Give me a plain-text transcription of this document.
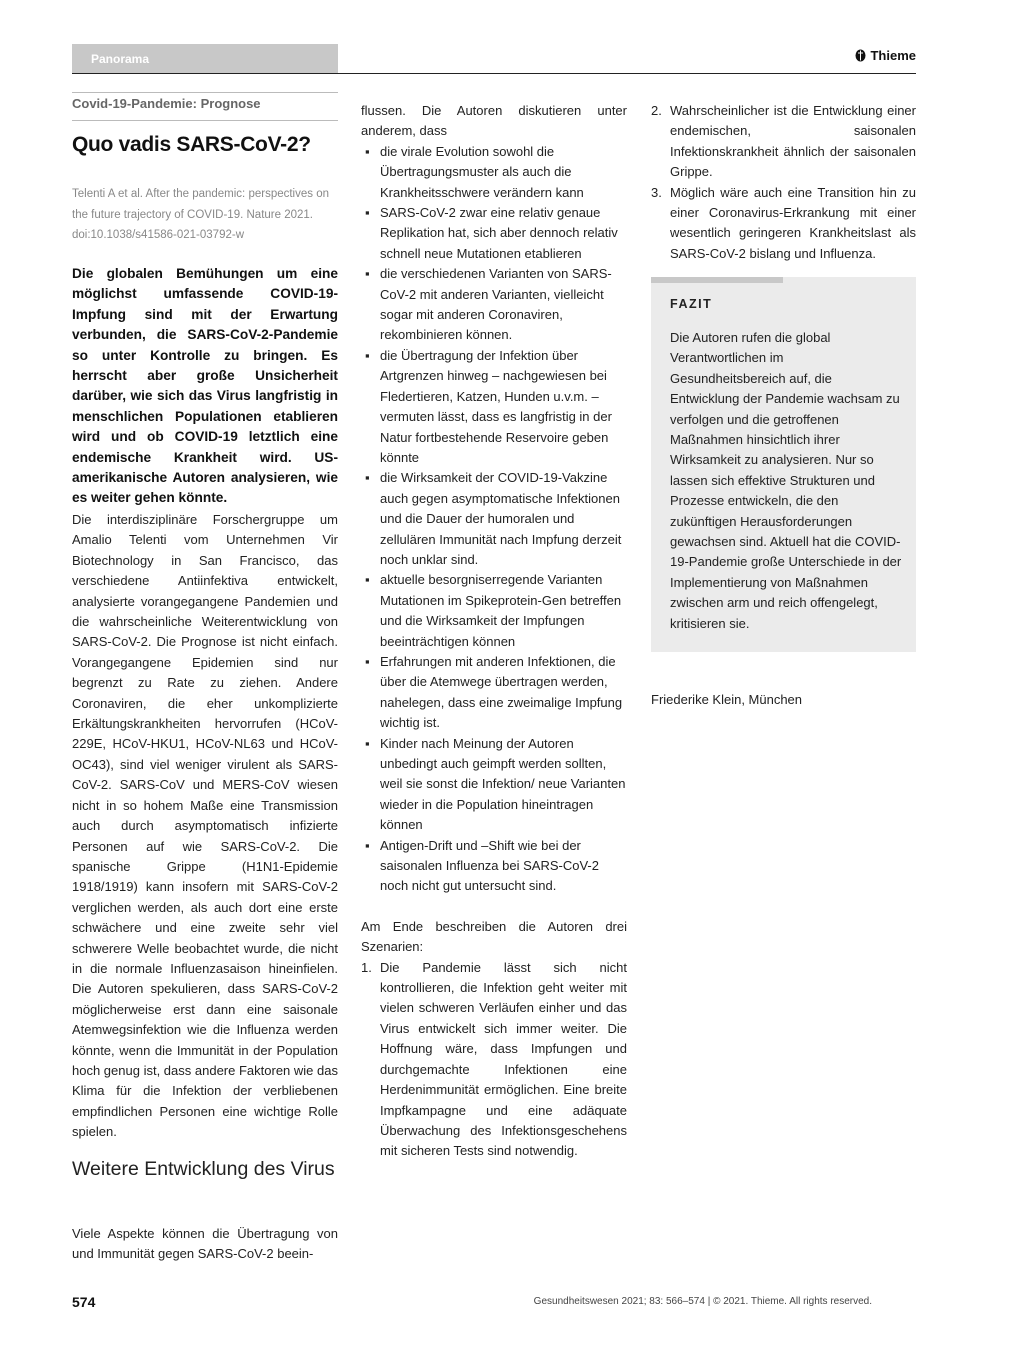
Panorama	Thieme
Covid-19-Pandemie: Prognose
Quo vadis SARS-CoV-2?
Telenti A et al. After the pandemic: perspectives on the future trajectory of COVID-19. Nature 2021. doi:10.1038/s41586-021-03792-w
Die globalen Bemühungen um eine möglichst umfassende COVID-19-Impfung sind mit der Erwartung verbunden, die SARS-CoV-2-Pandemie so unter Kontrolle zu bringen. Es herrscht aber große Unsicherheit darüber, wie sich das Virus langfristig in menschlichen Populationen etablieren wird und ob COVID-19 letztlich eine endemische Krankheit wird. US-amerikanische Autoren analysieren, wie es weiter gehen könnte.
Die interdisziplinäre Forschergruppe um Amalio Telenti vom Unternehmen Vir Biotechnology in San Francisco, das verschiedene Antiinfektiva entwickelt, analysierte vorangegangene Pandemien und die wahrscheinliche Weiterentwicklung von SARS-CoV-2. Die Prognose ist nicht einfach. Vorangegangene Epidemien sind nur begrenzt zu Rate zu ziehen. Andere Coronaviren, die eher unkomplizierte Erkältungskrankheiten hervorrufen (HCoV-229E, HCoV-HKU1, HCoV-NL63 und HCoV-OC43), sind viel weniger virulent als SARS-CoV-2. SARS-CoV und MERS-CoV wiesen nicht in so hohem Maße eine Transmission auch durch asymptomatisch infizierte Personen auf wie SARS-CoV-2. Die spanische Grippe (H1N1-Epidemie 1918/1919) kann insofern mit SARS-CoV-2 verglichen werden, als auch dort eine erste schwächere und eine zweite sehr viel schwerere Welle beobachtet wurde, die nicht in die normale Influenzasaison hineinfielen. Die Autoren spekulieren, dass SARS-CoV-2 möglicherweise erst dann eine saisonale Atemwegsinfektion wie die Influenza werden könnte, wenn die Immunität in der Population hoch genug ist, dass andere Faktoren wie das Klima für die Infektion der verbliebenen empfindlichen Personen eine wichtige Rolle spielen.
Weitere Entwicklung des Virus
Viele Aspekte können die Übertragung von und Immunität gegen SARS-CoV-2 beein-

flussen. Die Autoren diskutieren unter anderem, dass

▪ die virale Evolution sowohl die Übertragungsmuster als auch die Krankheitsschwere verändern kann
▪ SARS-CoV-2 zwar eine relativ genaue Replikation hat, sich aber dennoch relativ schnell neue Mutationen etablieren
▪ die verschiedenen Varianten von SARS-CoV-2 mit anderen Varianten, vielleicht sogar mit anderen Coronaviren, rekombinieren können.
▪ die Übertragung der Infektion über Artgrenzen hinweg – nachgewiesen bei Fledertieren, Katzen, Hunden u.v.m. – vermuten lässt, dass es langfristig in der Natur fortbestehende Reservoire geben könnte
▪ die Wirksamkeit der COVID-19-Vakzine auch gegen asymptomatische Infektionen und die Dauer der humoralen und zellulären Immunität nach Impfung derzeit noch unklar sind.
▪ aktuelle besorgniserregende Varianten Mutationen im Spikeprotein-Gen betreffen und die Wirksamkeit der Impfungen beeinträchtigen können
▪ Erfahrungen mit anderen Infektionen, die über die Atemwege übertragen werden, nahelegen, dass eine zweimalige Impfung wichtig ist.
▪ Kinder nach Meinung der Autoren unbedingt auch geimpft werden sollten, weil sie sonst die Infektion/ neue Varianten wieder in die Population hineintragen können
▪ Antigen-Drift und –Shift wie bei der saisonalen Influenza bei SARS-CoV-2 noch nicht gut untersucht sind.

Am Ende beschreiben die Autoren drei Szenarien:

1. Die Pandemie lässt sich nicht kontrollieren, die Infektion geht weiter mit vielen schweren Verläufen einher und das Virus entwickelt sich immer weiter. Die Hoffnung wäre, dass Impfungen und durchgemachte Infektionen eine Herdenimmunität ermöglichen. Eine breite Impfkampagne und eine adäquate Überwachung des Infektionsgeschehens mit sicheren Tests sind notwendig.
2. Wahrscheinlicher ist die Entwicklung einer endemischen, saisonalen Infektionskrankheit ähnlich der saisonalen Grippe.
3. Möglich wäre auch eine Transition hin zu einer Coronavirus-Erkrankung mit einer wesentlich geringeren Krankheitslast als SARS-CoV-2 bislang und Influenza.
FAZIT
Die Autoren rufen die global Verantwortlichen im Gesundheitsbereich auf, die Entwicklung der Pandemie wachsam zu verfolgen und die getroffenen Maßnahmen hinsichtlich ihrer Wirksamkeit zu analysieren. Nur so lassen sich effektive Strukturen und Prozesse entwickeln, die den zukünftigen Herausforderungen gewachsen sind. Aktuell hat die COVID-19-Pandemie große Unterschiede in der Implementierung von Maßnahmen zwischen arm und reich offengelegt, kritisieren sie.
Friederike Klein, München
574	Gesundheitswesen 2021; 83: 566–574 | © 2021. Thieme. All rights reserved.
